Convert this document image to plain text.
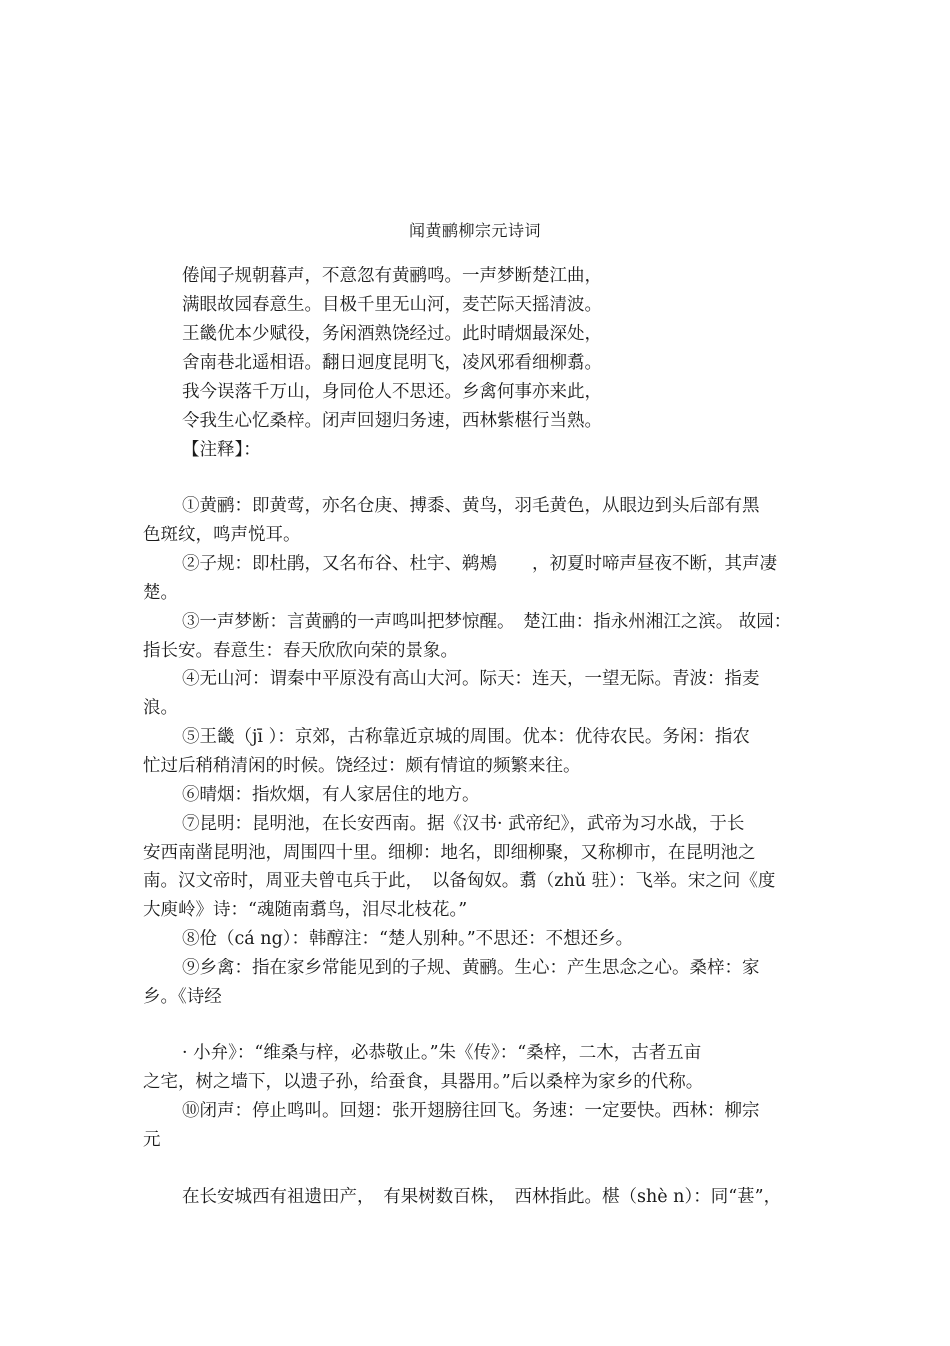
闻黄鹂柳宗元诗词
倦闻子规朝暮声，不意忽有黄鹂鸣。一声梦断楚江曲，
满眼故园春意生。目极千里无山河，麦芒际天摇清波。
王畿优本少赋役，务闲酒熟饶经过。此时晴烟最深处，
舍南巷北遥相语。翻日迥度昆明飞，凌风邪看细柳翥。
我今误落千万山，身同伧人不思还。乡禽何事亦来此，
令我生心忆桑梓。闭声回翅归务速，西林紫椹行当熟。
【注释】：
①黄鹂：即黄莺，亦名仓庚、搏黍、黄鸟，羽毛黄色，从眼边到头后部有黑
色斑纹，鸣声悦耳。
②子规：即杜鹃，又名布谷、杜宇、鹈鴂　　，初夏时啼声昼夜不断，其声凄
楚。
③一声梦断：言黄鹂的一声鸣叫把梦惊醒。　楚江曲：指永州湘江之滨。 故园：
指长安。春意生：春天欣欣向荣的景象。
④无山河：谓秦中平原没有高山大河。际天：连天，一望无际。青波：指麦
浪。
⑤王畿（jī ）：京郊，古称靠近京城的周围。优本：优待农民。务闲：指农
忙过后稍稍清闲的时候。饶经过：颇有情谊的频繁来往。
⑥晴烟：指炊烟，有人家居住的地方。
⑦昆明：昆明池，在长安西南。据《汉书· 武帝纪》，武帝为习水战，于长
安西南凿昆明池，周围四十里。细柳：地名，即细柳聚，又称柳市，在昆明池之
南。汉文帝时，周亚夫曾屯兵于此，　以备匈奴。翥（zhǔ 驻）：飞举。宋之问《度
大庾岭》诗：“魂随南翥鸟，泪尽北枝花。”
⑧伧（cá ng）：韩醇注：“楚人别种。”不思还：不想还乡。
⑨乡禽：指在家乡常能见到的子规、黄鹂。生心：产生思念之心。桑梓：家
乡。《诗经
· 小弁》：“维桑与梓，必恭敬止。”朱《传》：“桑梓，二木，古者五亩
之宅，树之墙下，以遗子孙，给蚕食，具器用。”后以桑梓为家乡的代称。
⑩闭声：停止鸣叫。回翅：张开翅膀往回飞。务速：一定要快。西林：柳宗
元
在长安城西有祖遗田产，　有果树数百株，　西林指此。椹（shè n）：同“葚”，
